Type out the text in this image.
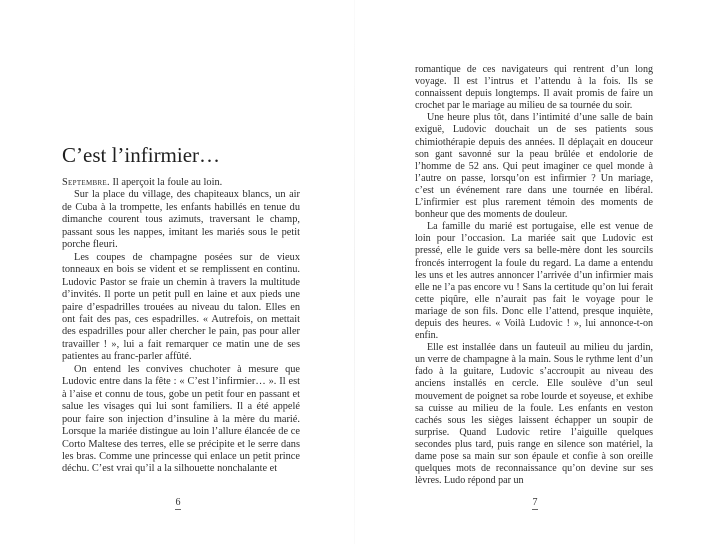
C’est l’infirmier…

Septembre. Il aperçoit la foule au loin.

Sur la place du village, des chapiteaux blancs, un air de Cuba à la trompette, les enfants habillés en tenue du dimanche courent tous azimuts, traversant le champ, passant sous les nappes, imitant les mariés sous le petit porche fleuri.

Les coupes de champagne posées sur de vieux tonneaux en bois se vident et se remplissent en continu. Ludovic Pastor se fraie un chemin à travers la multitude d’invités. Il porte un petit pull en laine et aux pieds une paire d’espadrilles trouées au niveau du talon. Elles en ont fait des pas, ces espadrilles. « Autrefois, on mettait des espadrilles pour aller chercher le pain, pas pour aller travailler ! », lui a fait remarquer ce matin une de ses patientes au franc-parler affûté.

On entend les convives chuchoter à mesure que Ludovic entre dans la fête : « C’est l’infirmier… ». Il est à l’aise et connu de tous, gobe un petit four en passant et salue les visages qui lui sont familiers. Il a été appelé pour faire son injection d’insuline à la mère du marié. Lorsque la mariée distingue au loin l’allure élancée de ce Corto Maltese des terres, elle se précipite et le serre dans les bras. Comme une princesse qui enlace un petit prince déchu. C’est vrai qu’il a la silhouette nonchalante et

6

romantique de ces navigateurs qui rentrent d’un long voyage. Il est l’intrus et l’attendu à la fois. Ils se connaissent depuis longtemps. Il avait promis de faire un crochet par le mariage au milieu de sa tournée du soir.

Une heure plus tôt, dans l’intimité d’une salle de bain exiguë, Ludovic douchait un de ses patients sous chimiothérapie depuis des années. Il déplaçait en douceur son gant savonné sur la peau brûlée et endolorie de l’homme de 52 ans. Qui peut imaginer ce quel monde à l’autre on passe, lorsqu’on est infirmier ? Un mariage, c’est un événement rare dans une tournée en libéral. L’infirmier est plus rarement témoin des moments de bonheur que des moments de douleur.

La famille du marié est portugaise, elle est venue de loin pour l’occasion. La mariée sait que Ludovic est pressé, elle le guide vers sa belle-mère dont les sourcils froncés interrogent la foule du regard. La dame a entendu les uns et les autres annoncer l’arrivée d’un infirmier mais elle ne l’a pas encore vu ! Sans la certitude qu’on lui ferait cette piqûre, elle n’aurait pas fait le voyage pour le mariage de son fils. Donc elle l’attend, presque inquiète, depuis des heures. « Voilà Ludovic ! », lui annonce-t-on enfin.

Elle est installée dans un fauteuil au milieu du jardin, un verre de champagne à la main. Sous le rythme lent d’un fado à la guitare, Ludovic s’accroupit au niveau des anciens installés en cercle. Elle soulève d’un seul mouvement de poignet sa robe lourde et soyeuse, et exhibe sa cuisse au milieu de la foule. Les enfants en veston cachés sous les sièges laissent échapper un soupir de surprise. Quand Ludovic retire l’aiguille quelques secondes plus tard, puis range en silence son matériel, la dame pose sa main sur son épaule et confie à son oreille quelques mots de reconnaissance qu’on devine sur ses lèvres. Ludo répond par un

7
